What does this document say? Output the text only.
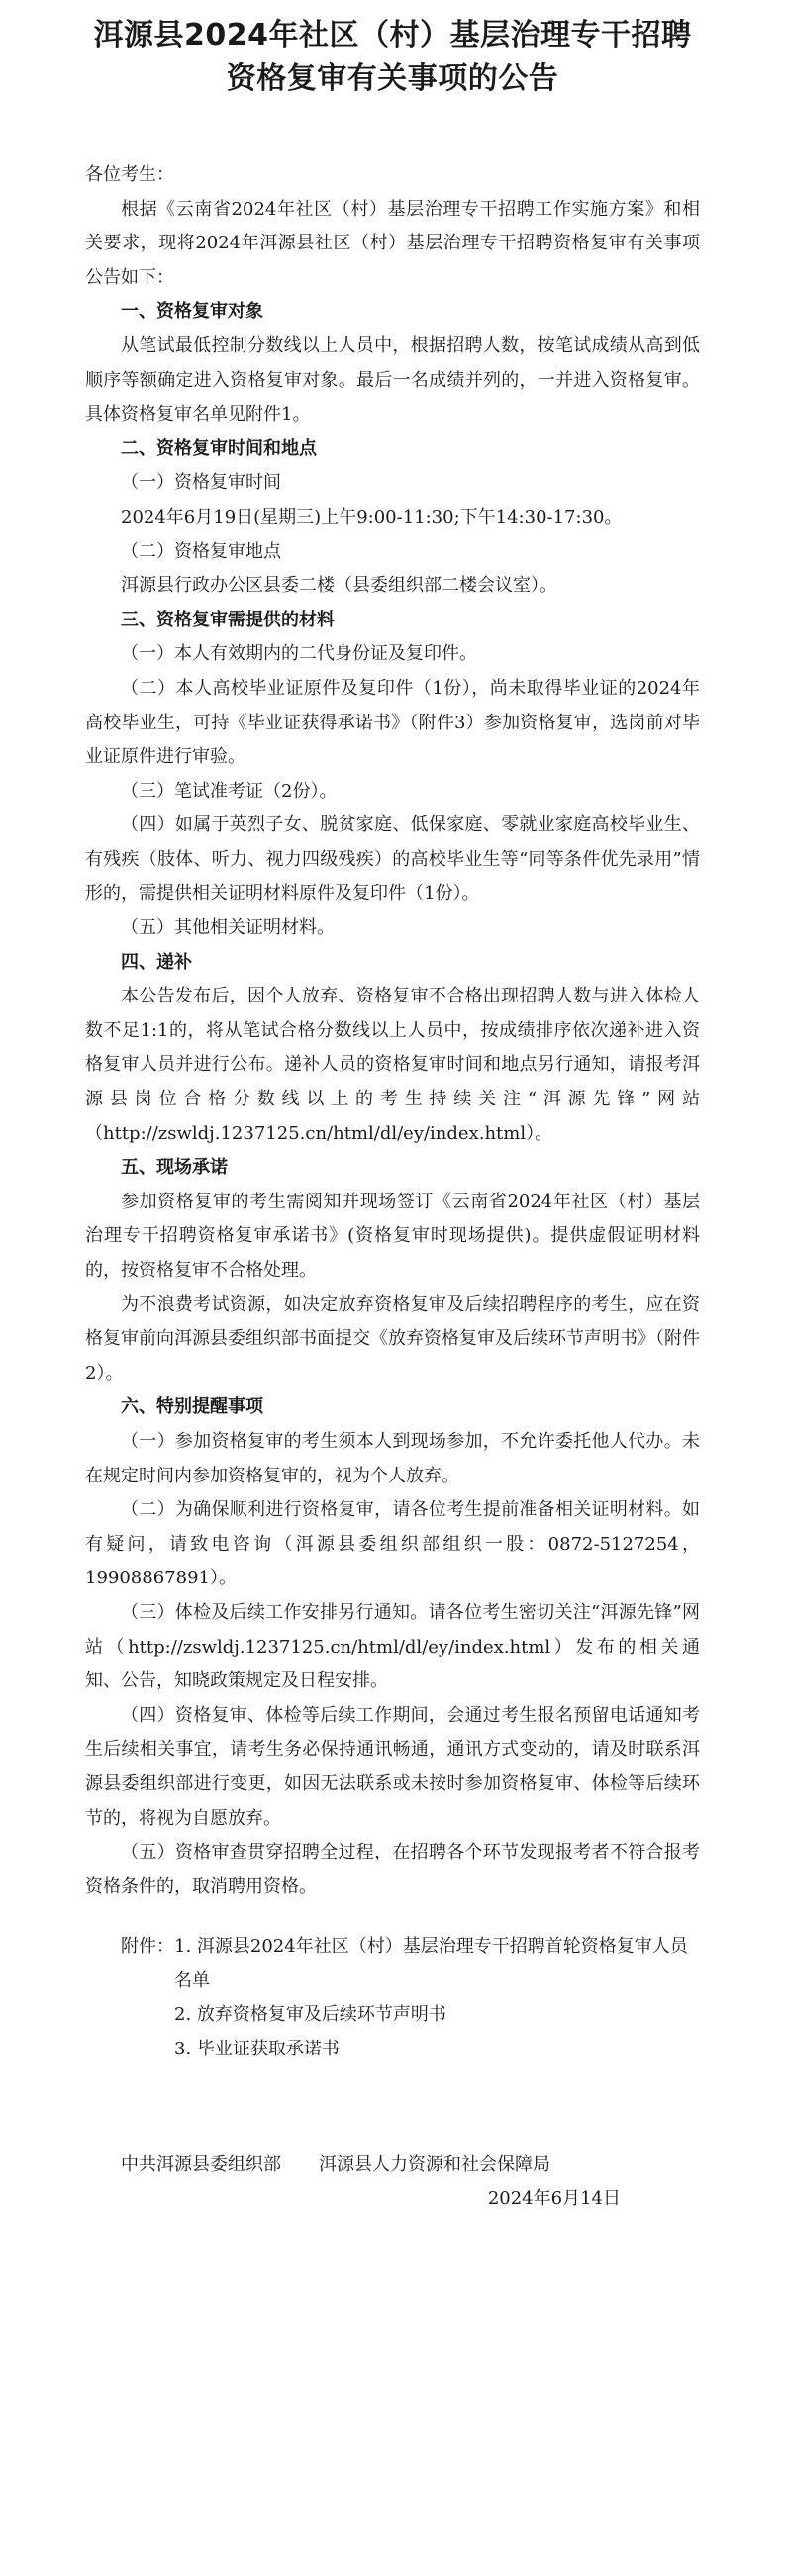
洱源县2024年社区（村）基层治理专干招聘
资格复审有关事项的公告

各位考生：

根据《云南省2024年社区（村）基层治理专干招聘工作实施方案》和相关要求，现将2024年洱源县社区（村）基层治理专干招聘资格复审有关事项公告如下：

一、资格复审对象

从笔试最低控制分数线以上人员中，根据招聘人数，按笔试成绩从高到低顺序等额确定进入资格复审对象。最后一名成绩并列的，一并进入资格复审。具体资格复审名单见附件1。

二、资格复审时间和地点

（一）资格复审时间

2024年6月19日(星期三)上午9:00-11:30;下午14:30-17:30。

（二）资格复审地点

洱源县行政办公区县委二楼（县委组织部二楼会议室）。

三、资格复审需提供的材料

（一）本人有效期内的二代身份证及复印件。

（二）本人高校毕业证原件及复印件（1份），尚未取得毕业证的2024年高校毕业生，可持《毕业证获得承诺书》（附件3）参加资格复审，选岗前对毕业证原件进行审验。

（三）笔试准考证（2份）。

（四）如属于英烈子女、脱贫家庭、低保家庭、零就业家庭高校毕业生、有残疾（肢体、听力、视力四级残疾）的高校毕业生等“同等条件优先录用”情形的，需提供相关证明材料原件及复印件（1份）。

（五）其他相关证明材料。

四、递补

本公告发布后，因个人放弃、资格复审不合格出现招聘人数与进入体检人数不足1:1的，将从笔试合格分数线以上人员中，按成绩排序依次递补进入资格复审人员并进行公布。递补人员的资格复审时间和地点另行通知，请报考洱源县岗位合格分数线以上的考生持续关注“洱源先锋”网站（http://zswldj.1237125.cn/html/dl/ey/index.html）。

五、现场承诺

参加资格复审的考生需阅知并现场签订《云南省2024年社区（村）基层治理专干招聘资格复审承诺书》(资格复审时现场提供)。提供虚假证明材料的，按资格复审不合格处理。

为不浪费考试资源，如决定放弃资格复审及后续招聘程序的考生，应在资格复审前向洱源县委组织部书面提交《放弃资格复审及后续环节声明书》（附件2）。

六、特别提醒事项

（一）参加资格复审的考生须本人到现场参加，不允许委托他人代办。未在规定时间内参加资格复审的，视为个人放弃。

（二）为确保顺利进行资格复审，请各位考生提前准备相关证明材料。如有疑问，请致电咨询（洱源县委组织部组织一股：0872-5127254，19908867891）。

（三）体检及后续工作安排另行通知。请各位考生密切关注“洱源先锋”网站（http://zswldj.1237125.cn/html/dl/ey/index.html）发布的相关通知、公告，知晓政策规定及日程安排。

（四）资格复审、体检等后续工作期间，会通过考生报名预留电话通知考生后续相关事宜，请考生务必保持通讯畅通，通讯方式变动的，请及时联系洱源县委组织部进行变更，如因无法联系或未按时参加资格复审、体检等后续环节的，将视为自愿放弃。

（五）资格审查贯穿招聘全过程，在招聘各个环节发现报考者不符合报考资格条件的，取消聘用资格。

附件： 1. 洱源县2024年社区（村）基层治理专干招聘首轮资格复审人员名单
2. 放弃资格复审及后续环节声明书
3. 毕业证获取承诺书
中共洱源县委组织部 洱源县人力资源和社会保障局
2024年6月14日
